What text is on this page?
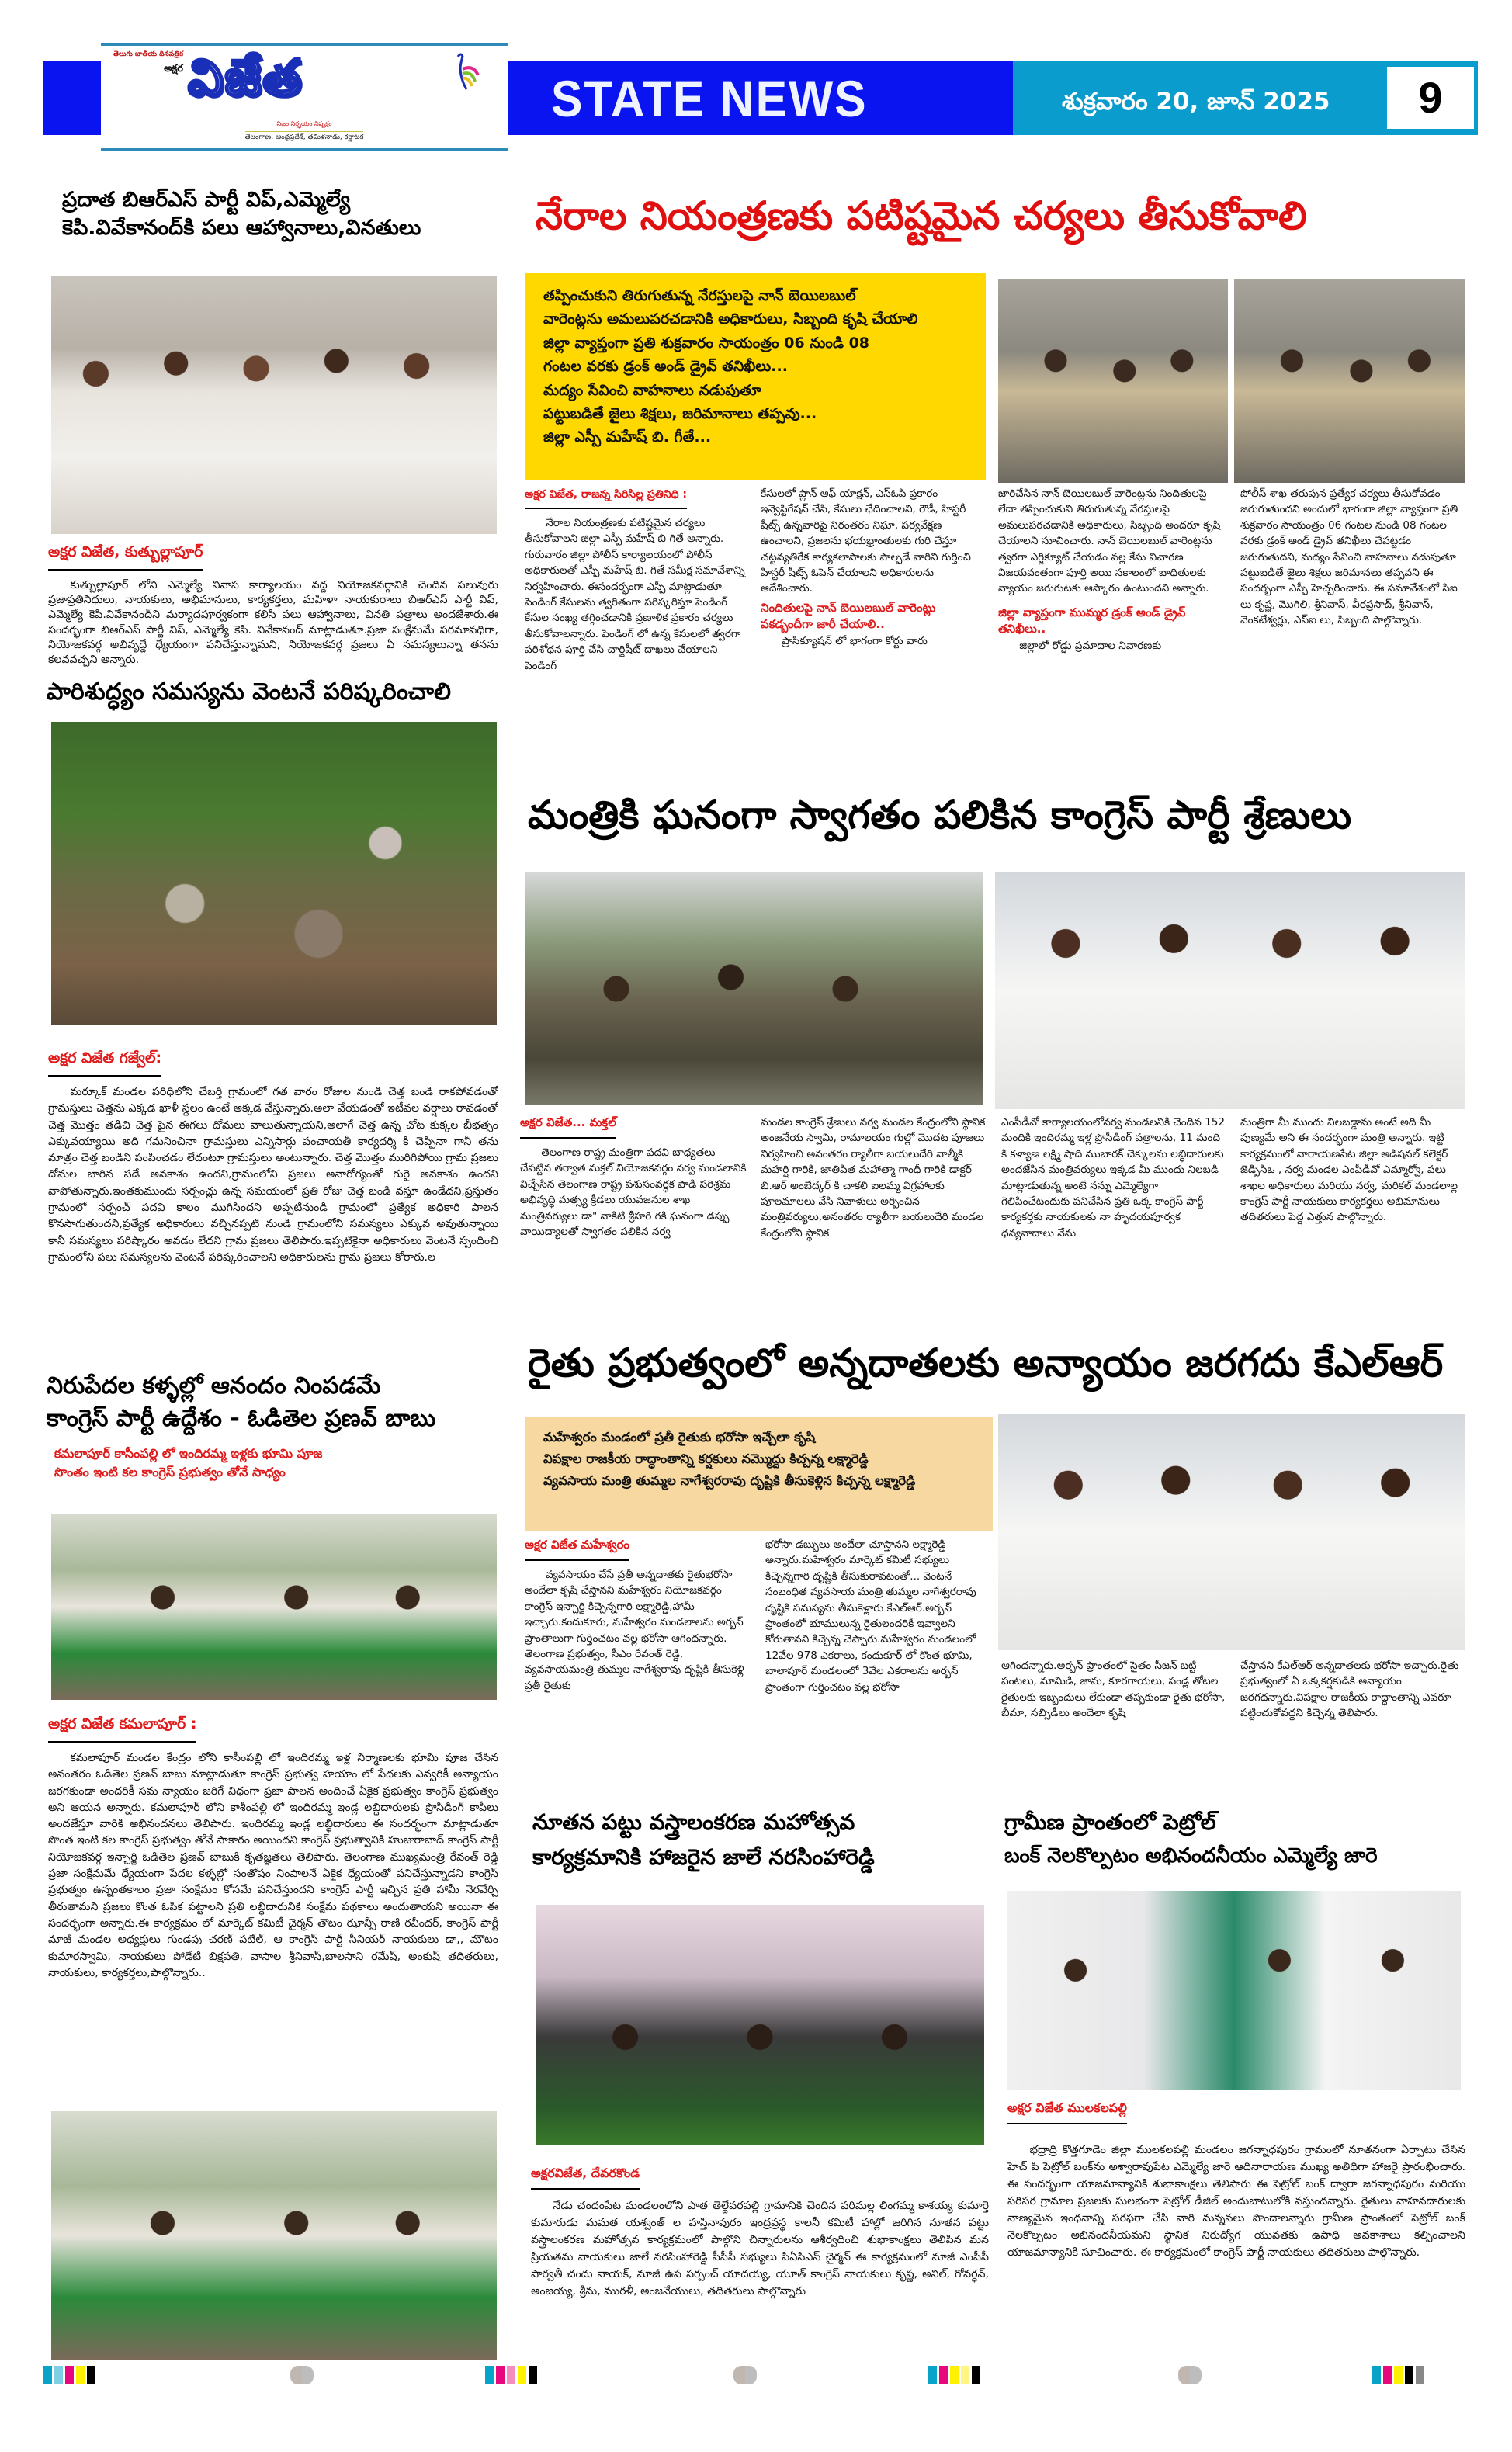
తెలుగు జాతీయ దినపత్రిక
అక్షర విజేత
నిజం నిర్భయం నిష్పక్షం
తెలంగాణ, ఆంధ్రప్రదేశ్, తమిళనాడు, కర్ణాటక
STATE NEWS	శుక్రవారం 20, జూన్ 2025	9
ప్రదాత బిఆర్ఎస్ పార్టీ విప్,ఎమ్మెల్యే
కెపి.వివేకానంద్‌కి పలు ఆహ్వానాలు,వినతులు
అక్షర విజేత, కుత్బుల్లాపూర్

కుత్బుల్లాపూర్ లోని ఎమ్మెల్యే నివాస కార్యాలయం వద్ద నియోజకవర్గానికి చెందిన పలువురు ప్రజాప్రతినిధులు, నాయకులు, అభిమానులు, కార్యకర్తలు, మహిళా నాయకురాలు బిఆర్ఎస్ పార్టీ విప్, ఎమ్మెల్యే కెపి.వివేకానంద్‌ని మర్యాదపూర్వకంగా కలిసి పలు ఆహ్వానాలు, వినతి పత్రాలు అందజేశారు.ఈ సందర్భంగా బిఆర్ఎస్ పార్టీ విప్, ఎమ్మెల్యే కెపి. వివేకానంద్ మాట్లాడుతూ.ప్రజా సంక్షేమమే పరమావధిగా, నియోజకవర్గ అభివృద్దే ధ్యేయంగా పనిచేస్తున్నామని, నియోజకవర్గ ప్రజలు ఏ సమస్యలున్నా తనను కలవవచ్చని అన్నారు.

పారిశుద్ధ్యం సమస్యను వెంటనే పరిష్కరించాలి
అక్షర విజేత గజ్వేల్:

మర్కూక్ మండల పరిధిలోని చేబర్తి గ్రామంలో గత వారం రోజుల నుండి చెత్త బండి రాకపోవడంతో గ్రామస్తులు చెత్తను ఎక్కడ ఖాళీ స్థలం ఉంటే అక్కడ వేస్తున్నారు.అలా వేయడంతో ఇటీవల వర్షాలు రావడంతో చెత్త మొత్తం తడిచి చెత్త పైన ఈగలు దోమలు వాలుతున్నాయని,అలాగే చెత్త ఉన్న చోట కుక్కల బీభత్సం ఎక్కువయ్యాయి అది గమనించినా గ్రామస్తులు ఎన్నిసార్లు పంచాయతీ కార్యదర్శి కి చెప్పినా గానీ తను మాత్రం చెత్త బండిని పంపించడం లేదంటూ గ్రామస్తులు అంటున్నారు. చెత్త మొత్తం మురిగిపోయి గ్రామ ప్రజలు దోమల బారిన పడే అవకాశం ఉందని,గ్రామంలోని ప్రజలు అనారోగ్యంతో గురై అవకాశం ఉందని వాపోతున్నారు.ఇంతకుముందు సర్పంచ్లు ఉన్న సమయంలో ప్రతి రోజు చెత్త బండి వస్తూ ఉండేదని,ప్రస్తుతం గ్రామంలో సర్పంచ్ పదవి కాలం ముగిసిందని అప్పటినుండి గ్రామంలో ప్రత్యేక అధికారి పాలన కొనసాగుతుందని,ప్రత్యేక అధికారులు వచ్చినప్పటి నుండి గ్రామంలోని సమస్యలు ఎక్కువ అవుతున్నాయి కానీ సమస్యలు పరిష్కారం అవడం లేదని గ్రామ ప్రజలు తెలిపారు.ఇప్పటికైనా అధికారులు వెంటనే స్పందించి గ్రామంలోని పలు సమస్యలను వెంటనే పరిష్కరించాలని అధికారులను గ్రామ ప్రజలు కోరారు.ల

నిరుపేదల కళ్ళల్లో ఆనందం నింపడమే
కాంగ్రెస్ పార్టీ ఉద్దేశం - ఓడితెల ప్రణవ్ బాబు
కమలాపూర్ కాసీంపల్లి లో ఇందిరమ్మ ఇళ్లకు భూమి పూజ
సొంతం ఇంటి కల కాంగ్రెస్ ప్రభుత్వం తోనే సాధ్యం
అక్షర విజేత కమలాపూర్ :

కమలాపూర్ మండల కేంద్రం లోని కాసీంపల్లి లో ఇందిరమ్మ ఇళ్ల నిర్మాణలకు భూమి పూజ చేసిన అనంతరం ఓడితెల ప్రణవ్ బాబు మాట్లాడుతూ కాంగ్రెస్ ప్రభుత్వ హయాం లో పేదలకు ఎవ్వరికీ అన్యాయం జరగకుండా అందరికీ సమ న్యాయం జరిగే విధంగా ప్రజా పాలన అందించే ఏకైక ప్రభుత్వం కాంగ్రెస్ ప్రభుత్వం అని ఆయన అన్నారు. కమలాపూర్ లోని కాశీంపల్లి లో ఇందిరమ్మ ఇండ్ల లబ్ధిదారులకు ప్రొసిడింగ్ కాపీలు అందజేస్తూ వారికి అభినందనలు తెలిపారు. ఇందిరమ్మ ఇండ్ల లబ్ధిదారులు ఈ సందర్భంగా మాట్లాడుతూ సొంత ఇంటి కల కాంగ్రెస్ ప్రభుత్వం తోనే సాకారం అయిందని కాంగ్రెస్ ప్రభుత్వానికి హుజురాబాద్ కాంగ్రెస్ పార్టీ నియోజకవర్గ ఇన్చార్జి ఓడితెల ప్రణవ్ బాబుకి కృతజ్ఞతలు తెలిపారు. తెలంగాణ ముఖ్యమంత్రి రేవంత్ రెడ్డి ప్రజా సంక్షేమమే ధ్యేయంగా పేదల కళ్ళల్లో సంతోషం నింపాలనే ఏకైక ధ్యేయంతో పనిచేస్తున్నాడని కాంగ్రెస్ ప్రభుత్వం ఉన్నంతకాలం ప్రజా సంక్షేమం కోసమే పనిచేస్తుందని కాంగ్రెస్ పార్టీ ఇచ్చిన ప్రతి హామీ నెరవేర్చి తీరుతామని ప్రజలు కొంత ఓపిక పట్టాలని ప్రతి లబ్ధిదారునికి సంక్షేమ పథకాలు అందుతాయని అయినా ఈ సందర్భంగా అన్నారు.ఈ కార్యక్రమం లో మార్కెట్ కమిటీ చైర్మన్ తౌటం ఝాన్సీ రాణి రవీందర్, కాంగ్రెస్ పార్టీ మాజీ మండల అధ్యక్షులు గుండపు చరణ్ పటేల్, ఆ కాంగ్రెస్ పార్టీ సీనియర్ నాయకులు డా,, మౌటం కుమారస్వామి, నాయకులు పోడేటి బిక్షపతి, వాసాల శ్రీనివాస్,బాలసాని రమేష్, అంకుష్ తదితరులు, నాయకులు, కార్యకర్తలు,పాల్గొన్నారు..

నేరాల నియంత్రణకు పటిష్టమైన చర్యలు తీసుకోవాలి
తప్పించుకుని తిరుగుతున్న నేరస్తులపై నాన్ బెయిలబుల్
వారెంట్లను అమలుపరచడానికి అధికారులు, సిబ్బంది కృషి చేయాలి
జిల్లా వ్యాప్తంగా ప్రతి శుక్రవారం సాయంత్రం 06 నుండి 08
గంటల వరకు డ్రంక్ అండ్ డ్రైవ్ తనిఖీలు...
మద్యం సేవించి వాహనాలు నడుపుతూ
పట్టుబడితే జైలు శిక్షలు, జరిమానాలు తప్పవు...
జిల్లా ఎస్పీ మహేష్ బి. గీతే...
అక్షర విజేత, రాజన్న సిరిసిల్ల ప్రతినిధి :

నేరాల నియంత్రణకు పటిష్టమైన చర్యలు తీసుకోవాలని జిల్లా ఎస్పీ మహేష్ బి గితే అన్నారు. గురువారం జిల్లా పోలీస్ కార్యాలయంలో పోలీస్ అధికారులతో ఎస్పీ మహేష్ బి. గితే సమీక్ష సమావేశాన్ని నిర్వహించారు. ఈసందర్భంగా ఎస్పీ మాట్లాడుతూ పెండింగ్ కేసులను త్వరితంగా పరిష్కరిస్తూ పెండింగ్ కేసుల సంఖ్య తగ్గించడానికి ప్రణాళిక ప్రకారం చర్యలు తీసుకోవాలన్నారు. పెండింగ్ లో ఉన్న కేసులలో త్వరగా పరిశోధన పూర్తి చేసి చార్జిషీట్ దాఖలు చేయాలని పెండింగ్

కేసులలో ప్లాన్ ఆఫ్ యాక్షన్, ఎస్ఓపి ప్రకారం ఇన్వెస్టిగేషన్ చేసి, కేసులు ఛేదించాలని, రౌడీ, హిస్టరీ షీట్స్ ఉన్నవారిపై నిరంతరం నిఘా, పర్యవేక్షణ ఉంచాలని, ప్రజలను భయభ్రాంతులకు గురి చేస్తూ చట్టవ్యతిరేక కార్యకలాపాలకు పాల్పడే వారిని గుర్తించి హిస్టరీ షీట్స్ ఓపెన్ చేయాలని అధికారులను ఆదేశించారు.

నిందితులపై నాన్ బెయిలబుల్ వారెంట్లు పకడ్బందీగా జారీ చేయాలి..

ప్రాసిక్యూషన్ లో భాగంగా కోర్టు వారు

జారిచేసిన నాన్ బెయిలబుల్ వారెంట్లను నిందితులపై లేదా తప్పించుకుని తిరుగుతున్న నేరస్తులపై అమలుపరచడానికి అధికారులు, సిబ్బంది అందరూ కృషి చేయాలని సూచించారు. నాన్ బెయిలబుల్ వారెంట్లను త్వరగా ఎగ్జిక్యూట్ చేయడం వల్ల కేసు విచారణ విజయవంతంగా పూర్తి అయి సకాలంలో బాధితులకు న్యాయం జరుగుటకు ఆస్కారం ఉంటుందని అన్నారు.

జిల్లా వ్యాప్తంగా ముమ్మర డ్రంక్ అండ్ డ్రైవ్ తనిఖీలు..

జిల్లాలో రోడ్డు ప్రమాదాల నివారణకు

పోలీస్ శాఖ తరుపున ప్రత్యేక చర్యలు తీసుకోవడం జరుగుతుందని అందులో భాగంగా జిల్లా వ్యాప్తంగా ప్రతి శుక్రవారం సాయంత్రం 06 గంటల నుండి 08 గంటల వరకు డ్రంక్ అండ్ డ్రైవ్ తనిఖీలు చేపట్టడం జరుగుతుదని, మద్యం సేవించి వాహనాలు నడుపుతూ పట్టుబడితే జైలు శిక్షలు జరిమానలు తప్పవని ఈ సందర్భంగా ఎస్పీ హెచ్చరించారు. ఈ సమావేశంలో సిఐ లు కృష్ణ, మొగిలి, శ్రీనివాస్, వీరప్రసాద్, శ్రీనివాస్, వెంకటేశ్వర్లు, ఎస్ఐ లు, సిబ్బంది పాల్గొన్నారు.

మంత్రికి ఘనంగా స్వాగతం పలికిన కాంగ్రెస్ పార్టీ శ్రేణులు
అక్షర విజేత... మక్తల్

తెలంగాణ రాష్ట్ర మంత్రిగా పదవి బాధ్యతలు చేపట్టిన తర్వాత మక్తల్ నియోజకవర్గం నర్వ మండలానికి విచ్చేసిన తెలంగాణ రాష్ట్ర పశుసంవర్ధక పాడి పరిశ్రమ అభివృద్ధి మత్స్య క్రీడలు యువజనుల శాఖ మంత్రివర్యులు డా" వాకిటి శ్రీహరి గకి ఘనంగా డప్పు వాయిద్యాలతో స్వాగతం పలికిన నర్వ

మండల కాంగ్రెస్ శ్రేణులు నర్వ మండల కేంద్రంలోని స్థానిక అంజనేయ స్వామి, రామాలయం గుల్లో మొదట పూజలు నిర్వహించి అనంతరం ర్యాలీగా బయలుదేరి వాల్మీకి మహర్షి గారికి, జాతిపిత మహాత్మా గాంధీ గారికి డాక్టర్ బి.ఆర్ అంబేద్కర్ కి చాకలి ఐలమ్మ విగ్రహాలకు పూలమాలలు వేసి నివాళులు అర్పించిన మంత్రివర్యులు,అనంతరం ర్యాలీగా బయలుదేరి మండల కేంద్రంలోని స్థానిక

ఎంపీడీవో కార్యాలయంలోనర్వ మండలనికి చెందిన 152 మందికి ఇందిరమ్మ ఇళ్ల ప్రొసీడింగ్ పత్రాలను, 11 మంది కి కళ్యాణ లక్ష్మి షాది ముబారక్ చెక్కులను లబ్ధిదారులకు అందజేసిన మంత్రివర్యులు ఇక్కడ మీ ముందు నిలబడి మాట్లాడుతున్న అంటే నన్ను ఎమ్మెల్యేగా గెలిపించేటందుకు పనిచేసిన ప్రతి ఒక్క కాంగ్రెస్ పార్టీ కార్యకర్తకు నాయకులకు నా హృదయపూర్వక ధన్యవాదాలు నేను

మంత్రిగా మీ ముందు నిలబడ్డాను అంటే అది మీ పుణ్యమే అని ఈ సందర్భంగా మంత్రి అన్నారు. ఇట్టి కార్యక్రమంలో నారాయణపేట జిల్లా అడిషనల్ కలెక్టర్ జెడ్పిసిఒ , నర్వ మండల ఎంపీడీవో ఎమ్మార్వో, పలు శాఖల అధికారులు మరియు నర్వ, మరికల్ మండలాల్ల కాంగ్రెస్ పార్టీ నాయకులు కార్యకర్తలు అభిమానులు తదితరులు పెద్ద ఎత్తున పాల్గొన్నారు.

రైతు ప్రభుత్వంలో అన్నదాతలకు అన్యాయం జరగదు కేఎల్ఆర్
మహేశ్వరం మండంలో ప్రతీ రైతుకు భరోసా ఇచ్చేలా కృషి
విపక్షాల రాజకీయ రాద్ధాంతాన్ని కర్షకులు నమ్మొద్దు కిచ్చన్న లక్ష్మారెడ్డి
వ్యవసాయ మంత్రి తుమ్మల నాగేశ్వరరావు దృష్టికి తీసుకెళ్లిన కిచ్చన్న లక్ష్మారెడ్డి
అక్షర విజేత మహేశ్వరం

వ్యవసాయం చేసే ప్రతీ అన్నదాతకు రైతుభరోసా అందేలా కృషి చేస్తానని మహేశ్వరం నియోజకవర్గం కాంగ్రెస్ ఇన్చార్జి కిచ్చెన్నగారి లక్ష్మారెడ్డి,హామీ ఇచ్చారు.కందుకూరు, మహేశ్వరం మండలాలను అర్బన్ ప్రాంతాలుగా గుర్తించటం వల్ల భరోసా ఆగిందన్నారు. తెలంగాణ ప్రభుత్వం, సీఎం రేవంత్ రెడ్డి, వ్యవసాయమంత్రి తుమ్మల నాగేశ్వరావు దృష్టికి తీసుకెళ్లి ప్రతీ రైతుకు

భరోసా డబ్బులు అందేలా చూస్తానని లక్ష్మారెడ్డి అన్నారు.మహేశ్వరం మార్కెట్ కమిటీ సభ్యులు కిచ్చెన్నగారి దృష్టికి తీసుకురావటంతో... వెంటనే సంబంధిత వ్యవసాయ మంత్రి తుమ్మల నాగేశ్వరరావు దృష్టికి సమస్యను తీసుకెళ్లారు కేఎల్ఆర్.అర్బన్ ప్రాంతంలో భూములున్న రైతులందరికీ ఇవ్వాలని కోరుతానని కిచ్చెన్న చెప్పారు.మహేశ్వరం మండలంలో 12వేల 978 ఎకరాలు, కందుకూర్ లో కొంత భూమి, బాలాపూర్ మండలంలో 3వేల ఎకరాలను అర్బన్ ప్రాంతంగా గుర్తించటం వల్ల భరోసా

ఆగిందన్నారు.అర్బన్ ప్రాంతంలో సైతం సీజన్ బట్టి పంటలు, మామిడి, జామ, కూరగాయలు, పండ్ల తోటల రైతులకు ఇబ్బందులు లేకుండా తప్పకుండా రైతు భరోసా, బీమా, సబ్సిడీలు అందేలా కృషి

చేస్తానని కేఎల్ఆర్ అన్నదాతలకు భరోసా ఇచ్చారు.రైతు ప్రభుత్వంలో ఏ ఒక్కకర్షకుడికి అన్యాయం జరగదన్నారు.విపక్షాల రాజకీయ రాద్ధాంతాన్ని ఎవరూ పట్టించుకోవద్దని కిచ్చెన్న తెలిపారు.

నూతన పట్టు వస్త్రాలంకరణ మహోత్సవ
కార్యక్రమానికి హాజరైన జాలే నరసింహారెడ్డి
అక్షరవిజేత, దేవరకొండ

నేడు చందంపేట మండలంలోని పాత తెల్దేవరపల్లి గ్రామానికి చెందిన పరిమల్ల లింగమ్మ కాశయ్య కుమార్తె కుమారుడు మమత యశ్వంత్ ల హస్తినాపురం ఇంద్రప్రస్థ కాలనీ కమిటీ హాల్లో జరిగిన నూతన పట్టు వస్త్రాలంకరణ మహోత్సవ కార్యక్రమంలో పాల్గొని చిన్నారులను ఆశీర్వదించి శుభాకాంక్షలు తెలిపిన మన ప్రియతమ నాయకులు జాలే నరసింహారెడ్డి పీసీసీ సభ్యులు పిఏసిఎస్ చైర్మన్ ఈ కార్యక్రమంలో మాజీ ఎంపీపీ పార్వతీ చందు నాయక్, మాజీ ఉప సర్పంచ్ యాదయ్య, యూత్ కాంగ్రెస్ నాయకులు కృష్ణ, అనిల్, గోవర్ధన్, అంజయ్య, శ్రీను, మురళీ, అంజనేయులు, తదితరులు పాల్గొన్నారు

గ్రామీణ ప్రాంతంలో పెట్రోల్
బంక్ నెలకొల్పటం అభినందనీయం ఎమ్మెల్యే జారె
అక్షర విజేత ములకలపల్లి

భద్రాద్రి కొత్తగూడెం జిల్లా ములకలపల్లి మండలం జగన్నాధపురం గ్రామంలో నూతనంగా ఏర్పాటు చేసిన హెచ్ పి పెట్రోల్ బంక్‌ను అశ్వారావుపేట ఎమ్మెల్యే జారె ఆదినారాయణ ముఖ్య అతిథిగా హాజరై ప్రారంభించారు. ఈ సందర్భంగా యాజమాన్యానికి శుభాకాంక్షలు తెలిపారు ఈ పెట్రోల్ బంక్ ద్వారా జగన్నాధపురం మరియు పరిసర గ్రామాల ప్రజలకు సులభంగా పెట్రోల్ డీజిల్ అందుబాటులోకి వస్తుందన్నారు. రైతులు వాహనదారులకు నాణ్యమైన ఇంధనాన్ని సరఫరా చేసి వారి మన్ననలు పొందాలన్నారు గ్రామీణ ప్రాంతంలో పెట్రోల్ బంక్ నెలకొల్పటం అభినందనీయమని స్థానిక నిరుద్యోగ యువతకు ఉపాధి అవకాశాలు కల్పించాలని యాజమాన్యానికి సూచించారు. ఈ కార్యక్రమంలో కాంగ్రెస్ పార్టీ నాయకులు తదితరులు పాల్గొన్నారు.
